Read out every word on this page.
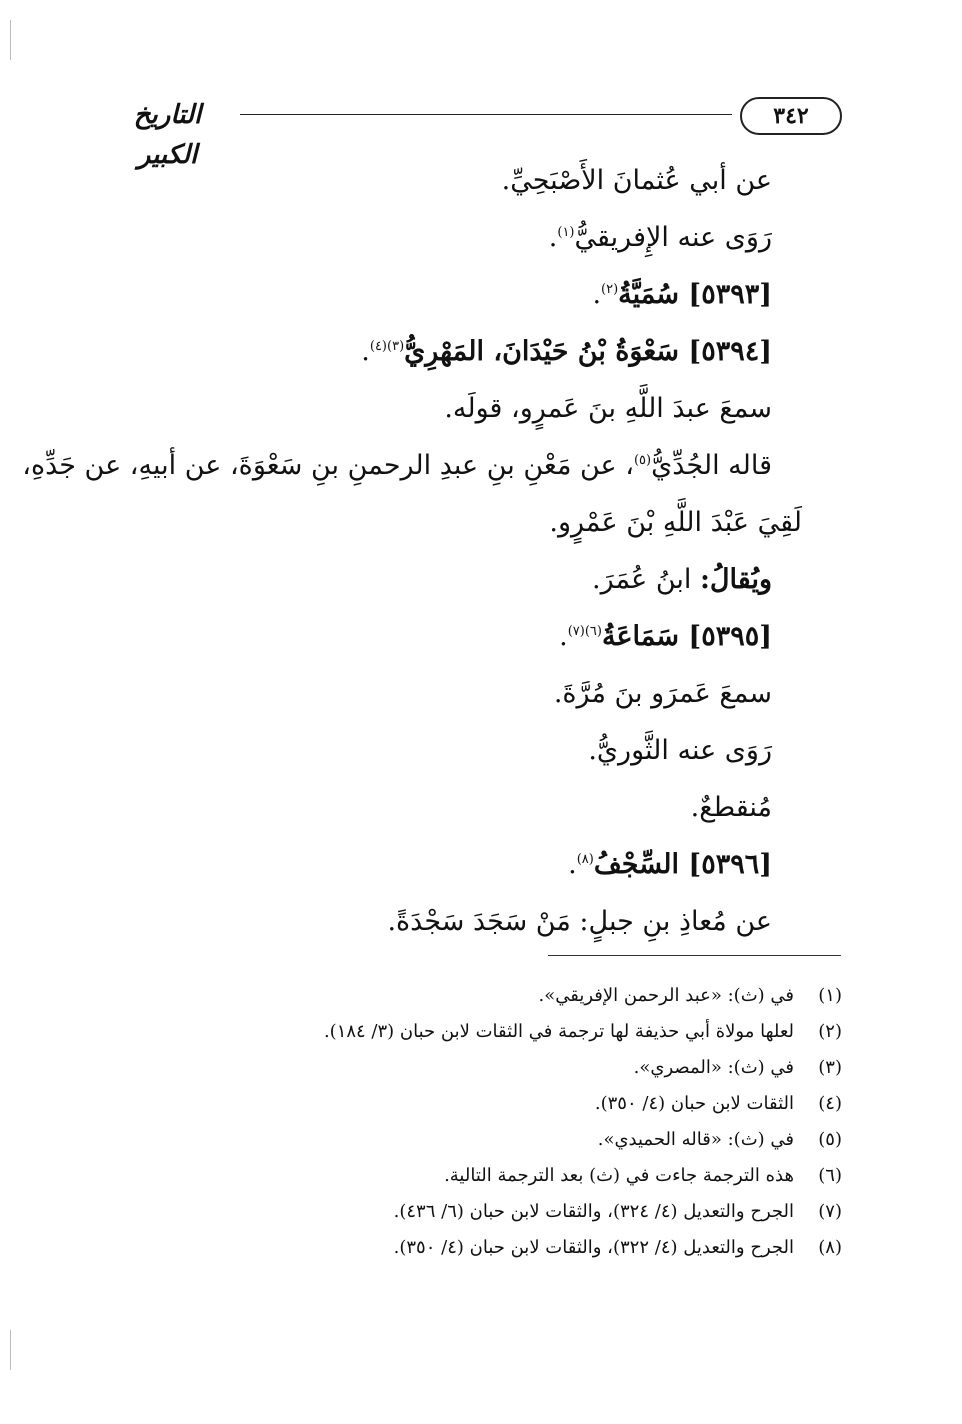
التاريخ الكبير
٣٤٢
عن أبي عُثمانَ الأَصْبَحِيِّ.
رَوَى عنه الإِفريقيُّ$^{(١)}$.
[٥٣٩٣] سُمَيَّةُ$^{(٢)}$.
[٥٣٩٤] سَعْوَةُ بْنُ حَيْدَانَ، المَهْرِيُّ$^{(٣)(٤)}$.
سمعَ عبدَ اللَّهِ بنَ عَمرٍو، قولَه.
قاله الجُدِّيُّ$^{(٥)}$، عن مَعْنِ بنِ عبدِ الرحمنِ بنِ سَعْوَةَ، عن أبيهِ، عن جَدِّهِ،
لَقِيَ عَبْدَ اللَّهِ بْنَ عَمْرٍو.
ويُقالُ: ابنُ عُمَرَ.
[٥٣٩٥] سَمَاعَةُ$^{(٦)(٧)}$.
سمعَ عَمرَو بنَ مُرَّةَ.
رَوَى عنه الثَّوريُّ.
مُنقطعٌ.
[٥٣٩٦] السِّجْفُ$^{(٨)}$.
عن مُعاذِ بنِ جبلٍ: مَنْ سَجَدَ سَجْدَةً.
(١)في (ث): «عبد الرحمن الإفريقي».
(٢)لعلها مولاة أبي حذيفة لها ترجمة في الثقات لابن حبان (٣/ ١٨٤).
(٣)في (ث): «المصري».
(٤)الثقات لابن حبان (٤/ ٣٥٠).
(٥)في (ث): «قاله الحميدي».
(٦)هذه الترجمة جاءت في (ث) بعد الترجمة التالية.
(٧)الجرح والتعديل (٤/ ٣٢٤)، والثقات لابن حبان (٦/ ٤٣٦).
(٨)الجرح والتعديل (٤/ ٣٢٢)، والثقات لابن حبان (٤/ ٣٥٠).
